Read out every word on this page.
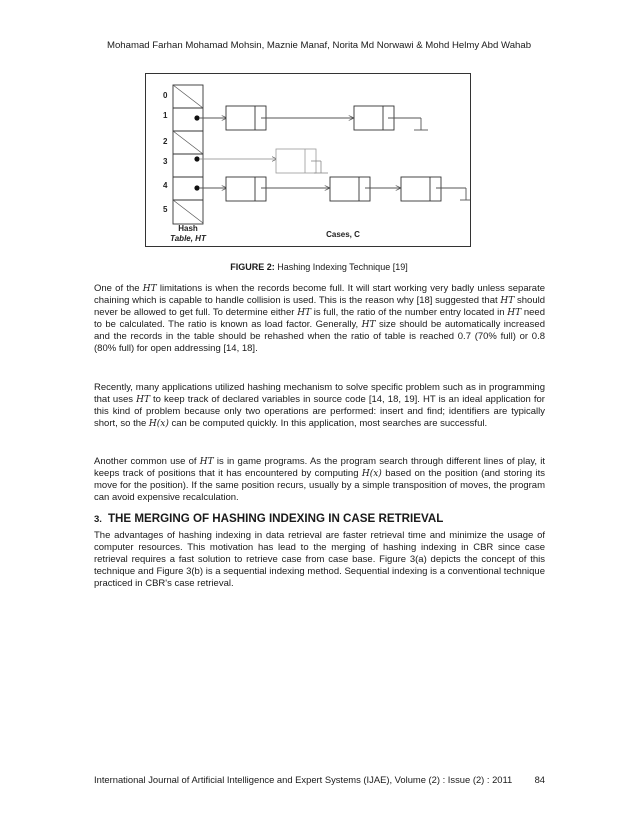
Mohamad Farhan Mohamad Mohsin, Maznie Manaf, Norita Md Norwawi & Mohd Helmy Abd Wahab
0
1
2
3
4
5
Hash
Table, HT	Cases, C
FIGURE 2: Hashing Indexing Technique [19]

One of the HT limitations is when the records become full. It will start working very badly unless separate chaining which is capable to handle collision is used. This is the reason why [18] suggested that HT should never be allowed to get full. To determine either HT is full, the ratio of the number entry located in HT need to be calculated. The ratio is known as load factor. Generally, HT size should be automatically increased and the records in the table should be rehashed when the ratio of table is reached 0.7 (70% full) or 0.8 (80% full) for open addressing [14, 18].

Recently, many applications utilized hashing mechanism to solve specific problem such as in programming that uses HT to keep track of declared variables in source code [14, 18, 19]. HT is an ideal application for this kind of problem because only two operations are performed: insert and find; identifiers are typically short, so the H(x) can be computed quickly. In this application, most searches are successful.

Another common use of HT is in game programs. As the program search through different lines of play, it keeps track of positions that it has encountered by computing H(x) based on the position (and storing its move for the position). If the same position recurs, usually by a simple transposition of moves, the program can avoid expensive recalculation.

3. THE MERGING OF HASHING INDEXING IN CASE RETRIEVAL

The advantages of hashing indexing in data retrieval are faster retrieval time and minimize the usage of computer resources. This motivation has lead to the merging of hashing indexing in CBR since case retrieval requires a fast solution to retrieve case from case base. Figure 3(a) depicts the concept of this technique and Figure 3(b) is a sequential indexing method. Sequential indexing is a conventional technique practiced in CBR's case retrieval.

International Journal of Artificial Intelligence and Expert Systems (IJAE), Volume (2) : Issue (2) : 2011 84
